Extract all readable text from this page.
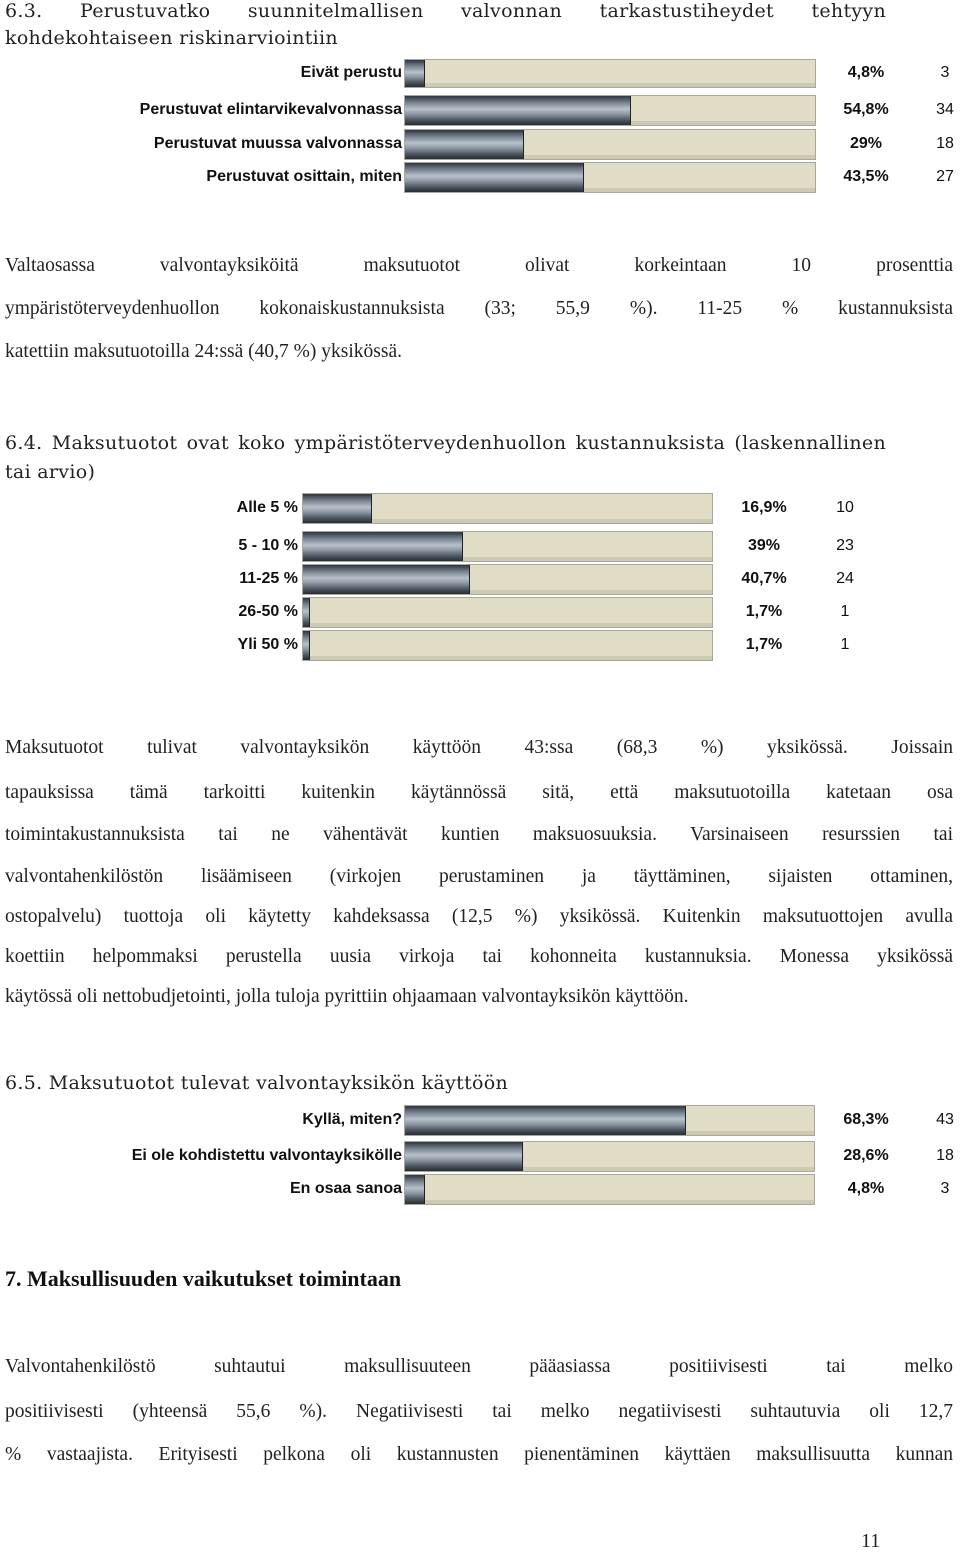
6.3. Perustuvatko suunnitelmallisen valvonnan tarkastustiheydet tehtyyn
kohdekohtaiseen riskinarviointiin
Eivät perustu	4,8%	3
Perustuvat elintarvikevalvonnassa	54,8%	34
Perustuvat muussa valvonnassa	29%	18
Perustuvat osittain, miten	43,5%	27
Valtaosassa valvontayksiköitä maksutuotot olivat korkeintaan 10 prosenttia
ympäristöterveydenhuollon kokonaiskustannuksista (33; 55,9 %). 11-25 % kustannuksista
katettiin maksutuotoilla 24:ssä (40,7 %) yksikössä.
6.4. Maksutuotot ovat koko ympäristöterveydenhuollon kustannuksista (laskennallinen
tai arvio)
Alle 5 %	16,9%	10
5 - 10 %	39%	23
11-25 %	40,7%	24
26-50 %	1,7%	1
Yli 50 %	1,7%	1
Maksutuotot tulivat valvontayksikön käyttöön 43:ssa (68,3 %) yksikössä. Joissain
tapauksissa tämä tarkoitti kuitenkin käytännössä sitä, että maksutuotoilla katetaan osa
toimintakustannuksista tai ne vähentävät kuntien maksuosuuksia. Varsinaiseen resurssien tai
valvontahenkilöstön lisäämiseen (virkojen perustaminen ja täyttäminen, sijaisten ottaminen,
ostopalvelu) tuottoja oli käytetty kahdeksassa (12,5 %) yksikössä. Kuitenkin maksutuottojen avulla
koettiin helpommaksi perustella uusia virkoja tai kohonneita kustannuksia. Monessa yksikössä
käytössä oli nettobudjetointi, jolla tuloja pyrittiin ohjaamaan valvontayksikön käyttöön.
6.5. Maksutuotot tulevat valvontayksikön käyttöön
Kyllä, miten?	68,3%	43
Ei ole kohdistettu valvontayksikölle	28,6%	18
En osaa sanoa	4,8%	3
7. Maksullisuuden vaikutukset toimintaan
Valvontahenkilöstö suhtautui maksullisuuteen pääasiassa positiivisesti tai melko
positiivisesti (yhteensä 55,6 %). Negatiivisesti tai melko negatiivisesti suhtautuvia oli 12,7
% vastaajista. Erityisesti pelkona oli kustannusten pienentäminen käyttäen maksullisuutta kunnan
11
